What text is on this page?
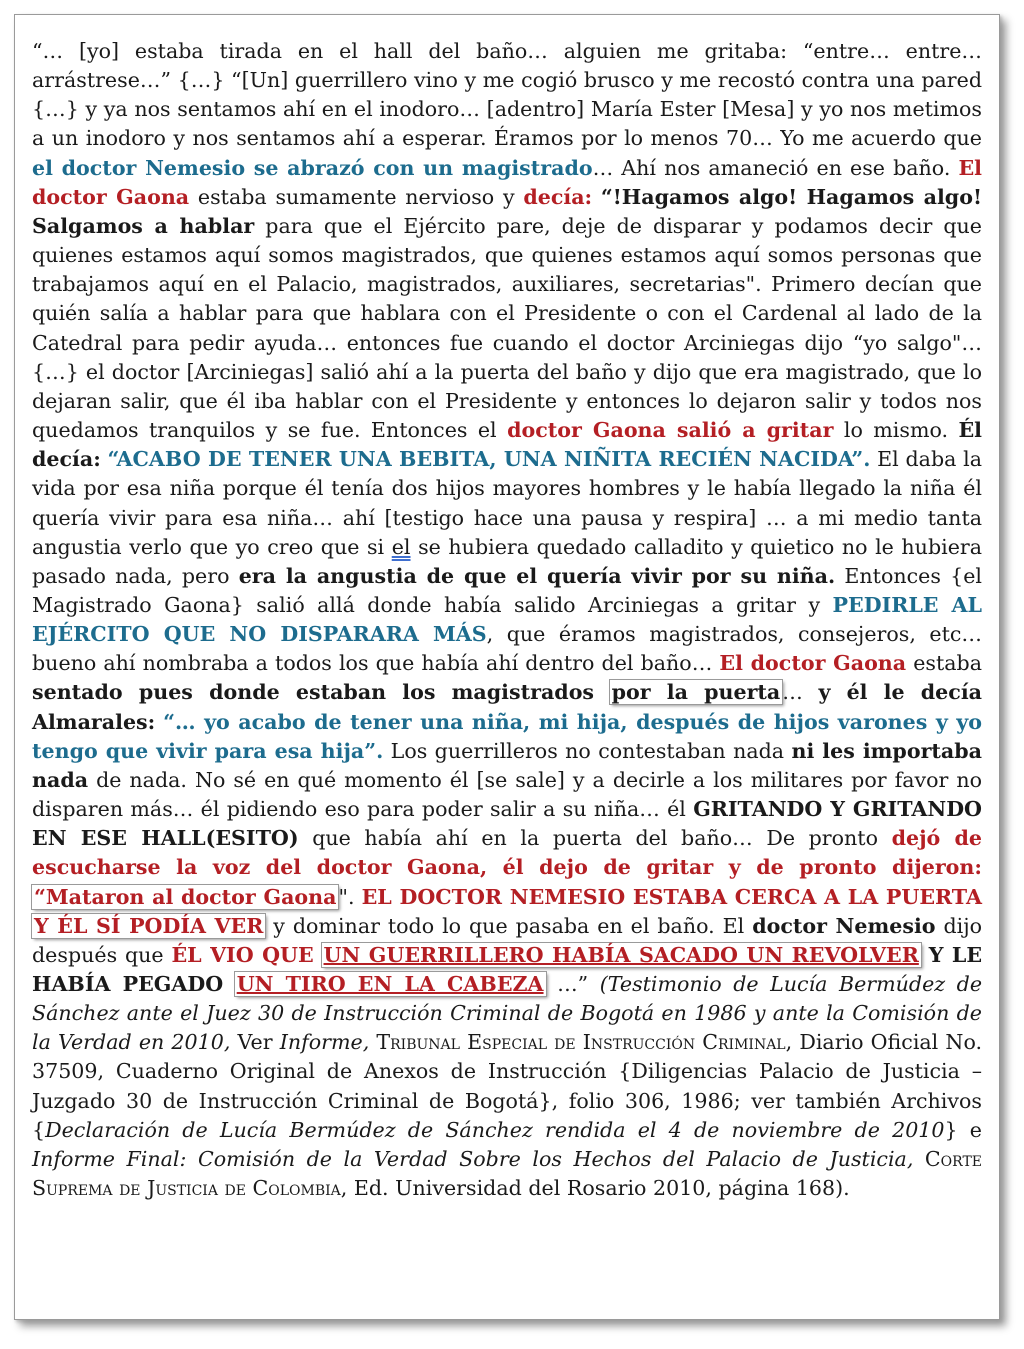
“… [yo] estaba tirada en el hall del baño… alguien me gritaba: “entre… entre… arrástrese…” {…} “[Un] guerrillero vino y me cogió brusco y me recostó contra una pared {…} y ya nos sentamos ahí en el inodoro… [adentro] María Ester [Mesa] y yo nos metimos a un inodoro y nos sentamos ahí a esperar. Éramos por lo menos 70… Yo me acuerdo que el doctor Nemesio se abrazó con un magistrado… Ahí nos amaneció en ese baño. El doctor Gaona estaba sumamente nervioso y decía: “!Hagamos algo! Hagamos algo! Salgamos a hablar para que el Ejército pare, deje de disparar y podamos decir que quienes estamos aquí somos magistrados, que quienes estamos aquí somos personas que trabajamos aquí en el Palacio, magistrados, auxiliares, secretarias". Primero decían que quién salía a hablar para que hablara con el Presidente o con el Cardenal al lado de la Catedral para pedir ayuda… entonces fue cuando el doctor Arciniegas dijo “yo salgo"… {…} el doctor [Arciniegas] salió ahí a la puerta del baño y dijo que era magistrado, que lo dejaran salir, que él iba hablar con el Presidente y entonces lo dejaron salir y todos nos quedamos tranquilos y se fue. Entonces el doctor Gaona salió a gritar lo mismo. Él decía: “ACABO DE TENER UNA BEBITA, UNA NIÑITA RECIÉN NACIDA”. El daba la vida por esa niña porque él tenía dos hijos mayores hombres y le había llegado la niña él quería vivir para esa niña… ahí [testigo hace una pausa y respira] … a mi medio tanta angustia verlo que yo creo que si el se hubiera quedado calladito y quietico no le hubiera pasado nada, pero era la angustia de que el quería vivir por su niña. Entonces {el Magistrado Gaona} salió allá donde había salido Arciniegas a gritar y PEDIRLE AL EJÉRCITO QUE NO DISPARARA MÁS, que éramos magistrados, consejeros, etc… bueno ahí nombraba a todos los que había ahí dentro del baño… El doctor Gaona estaba sentado pues donde estaban los magistrados por la puerta… y él le decía Almarales: “… yo acabo de tener una niña, mi hija, después de hijos varones y yo tengo que vivir para esa hija”. Los guerrilleros no contestaban nada ni les importaba nada de nada. No sé en qué momento él [se sale] y a decirle a los militares por favor no disparen más… él pidiendo eso para poder salir a su niña… él GRITANDO Y GRITANDO EN ESE HALL(ESITO) que había ahí en la puerta del baño… De pronto dejó de escucharse la voz del doctor Gaona, él dejo de gritar y de pronto dijeron: “Mataron al doctor Gaona". EL DOCTOR NEMESIO ESTABA CERCA A LA PUERTA Y ÉL SÍ PODÍA VER y dominar todo lo que pasaba en el baño. El doctor Nemesio dijo después que ÉL VIO QUE UN GUERRILLERO HABÍA SACADO UN REVOLVER Y LE HABÍA PEGADO UN TIRO EN LA CABEZA …” (Testimonio de Lucía Bermúdez de Sánchez ante el Juez 30 de Instrucción Criminal de Bogotá en 1986 y ante la Comisión de la Verdad en 2010, Ver Informe, Tribunal Especial de Instrucción Criminal, Diario Oficial No. 37509, Cuaderno Original de Anexos de Instrucción {Diligencias Palacio de Justicia – Juzgado 30 de Instrucción Criminal de Bogotá}, folio 306, 1986; ver también Archivos {Declaración de Lucía Bermúdez de Sánchez rendida el 4 de noviembre de 2010} e Informe Final: Comisión de la Verdad Sobre los Hechos del Palacio de Justicia, Corte Suprema de Justicia de Colombia, Ed. Universidad del Rosario 2010, página 168).
